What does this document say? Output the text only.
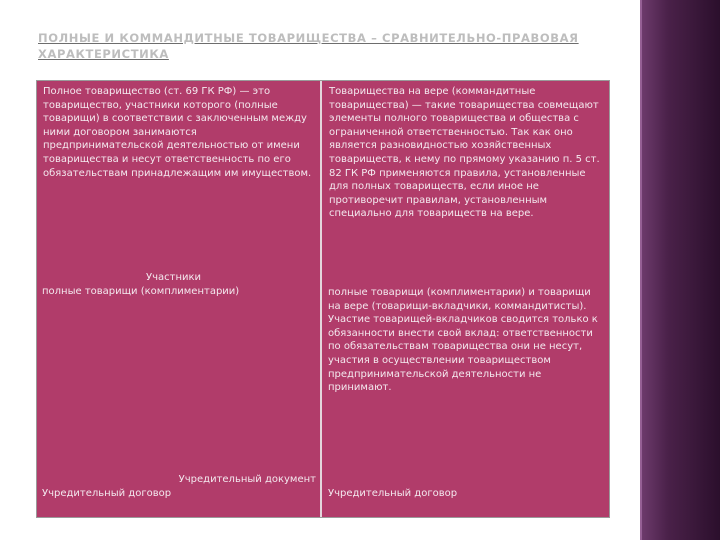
ПОЛНЫЕ И КОММАНДИТНЫЕ ТОВАРИЩЕСТВА – СРАВНИТЕЛЬНО-ПРАВОВАЯ ХАРАКТЕРИСТИКА
Полное товарищество (ст. 69 ГК РФ) — это товарищество, участники которого (полные товарищи) в соответствии с заключенным между ними договором занимаются предпринимательской деятельностью от имени товарищества и несут ответственность по его обязательствам принадлежащим им имуществом.
Товарищества на вере (коммандитные товарищества) — такие товарищества совмещают элементы полного товарищества и общества с ограниченной ответственностью. Так как оно является разновидностью хозяйственных товариществ, к нему по прямому указанию п. 5 ст. 82 ГК РФ применяются правила, установленные для полных товариществ, если иное не противоречит правилам, установленным специально для товариществ на вере.
Участники
полные товарищи (комплиментарии)	полные товарищи (комплиментарии) и товарищи на вере (товарищи-вкладчики, коммандитисты).
Участие товарищей-вкладчиков сводится только к обязанности внести свой вклад: ответственности по обязательствам товарищества они не несут, участия в осуществлении товариществом предпринимательской деятельности не принимают.
Учредительный документ
Учредительный договор	Учредительный договор
